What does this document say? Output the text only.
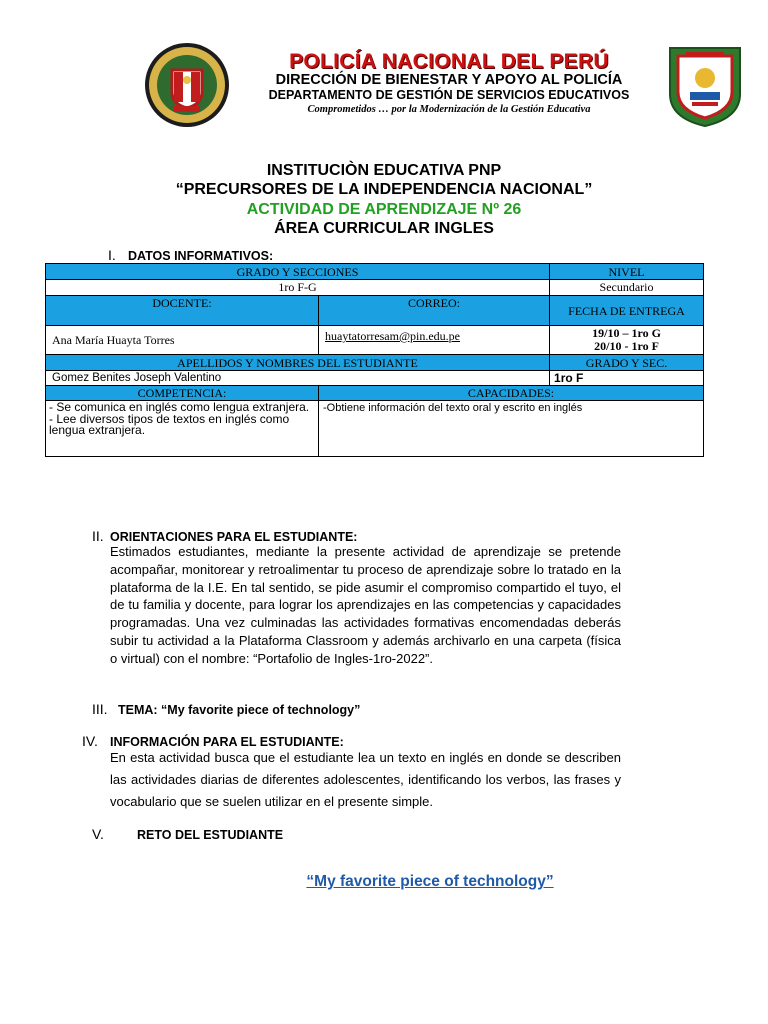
POLICÍA NACIONAL DEL PERÚ
DIRECCIÓN DE BIENESTAR Y APOYO AL POLICÍA
DEPARTAMENTO DE GESTIÓN DE SERVICIOS EDUCATIVOS
Comprometidos … por la Modernización de la Gestión Educativa
INSTITUCIÒN EDUCATIVA PNP
“PRECURSORES DE LA INDEPENDENCIA NACIONAL”
ACTIVIDAD DE APRENDIZAJE Nº 26
ÁREA CURRICULAR INGLES
I. DATOS INFORMATIVOS:
GRADO Y SECCIONES		NIVEL
1ro F-G		Secundario
DOCENTE:	CORREO:	FECHA DE ENTREGA
Ana María Huayta Torres	huaytatorresam@pin.edu.pe	19/10 – 1ro G
20/10 - 1ro F

APELLIDOS Y NOMBRES DEL ESTUDIANTE		GRADO Y SEC.
Gomez Benites Joseph Valentino		1ro F
COMPETENCIA:	CAPACIDADES:	

- Se comunica en inglés como lengua extranjera.
- Lee diversos tipos de textos en inglés como lengua extranjera.	-Obtiene información del texto oral y escrito en inglés	
II. ORIENTACIONES PARA EL ESTUDIANTE:
Estimados estudiantes, mediante la presente actividad de aprendizaje se pretende acompañar, monitorear y retroalimentar tu proceso de aprendizaje sobre lo tratado en la plataforma de la I.E. En tal sentido, se pide asumir el compromiso compartido el tuyo, el de tu familia y docente, para lograr los aprendizajes en las competencias y capacidades programadas. Una vez culminadas las actividades formativas encomendadas deberás subir tu actividad a la Plataforma Classroom y además archivarlo en una carpeta (física o virtual) con el nombre: “Portafolio de Ingles-1ro-2022”.
III. TEMA: “My favorite piece of technology”
IV. INFORMACIÓN PARA EL ESTUDIANTE:
En esta actividad busca que el estudiante lea un texto en inglés en donde se describen las actividades diarias de diferentes adolescentes, identificando los verbos, las frases y vocabulario que se suelen utilizar en el presente simple.
V.	RETO DEL ESTUDIANTE
“My favorite piece of technology”
